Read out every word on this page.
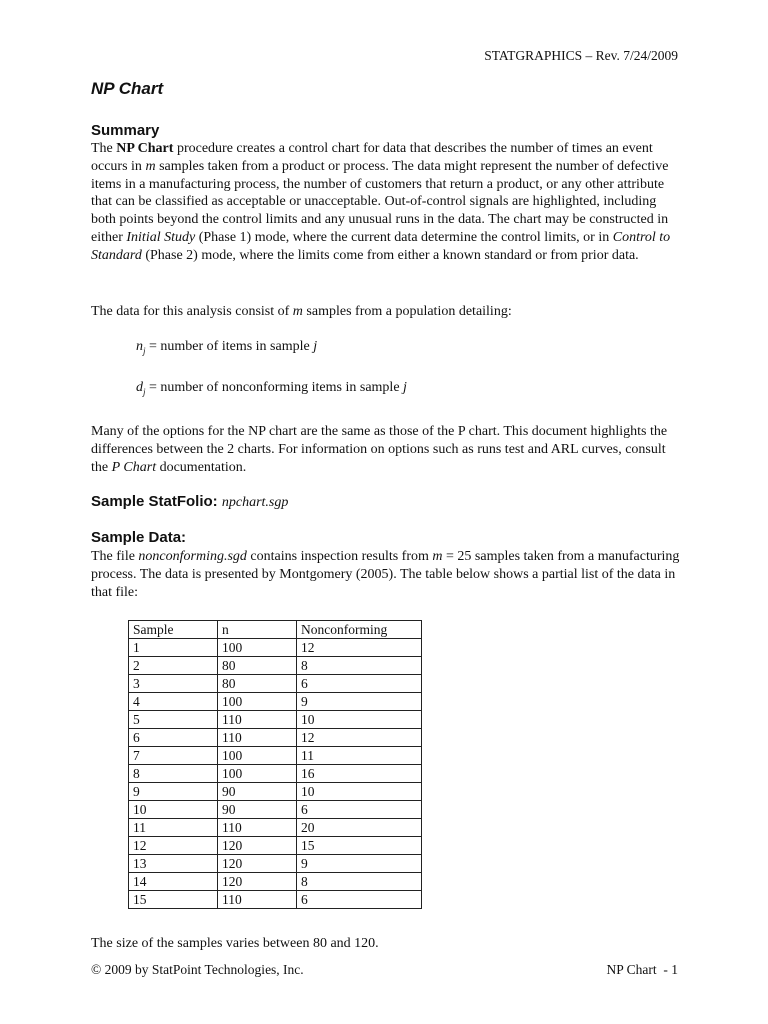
STATGRAPHICS – Rev. 7/24/2009
NP Chart
Summary
The NP Chart procedure creates a control chart for data that describes the number of times an event occurs in m samples taken from a product or process. The data might represent the number of defective items in a manufacturing process, the number of customers that return a product, or any other attribute that can be classified as acceptable or unacceptable. Out-of-control signals are highlighted, including both points beyond the control limits and any unusual runs in the data. The chart may be constructed in either Initial Study (Phase 1) mode, where the current data determine the control limits, or in Control to Standard (Phase 2) mode, where the limits come from either a known standard or from prior data.
The data for this analysis consist of m samples from a population detailing:
$n_j$ = number of items in sample j
$d_j$ = number of nonconforming items in sample j
Many of the options for the NP chart are the same as those of the P chart. This document highlights the differences between the 2 charts. For information on options such as runs test and ARL curves, consult the P Chart documentation.
Sample StatFolio: npchart.sgp
Sample Data:
The file nonconforming.sgd contains inspection results from m = 25 samples taken from a manufacturing process. The data is presented by Montgomery (2005). The table below shows a partial list of the data in that file:
Sample	n	Nonconforming
1	100	12
2	80	8
3	80	6
4	100	9
5	110	10
6	110	12
7	100	11
8	100	16
9	90	10
10	90	6
11	110	20
12	120	15
13	120	9
14	120	8
15	110	6
The size of the samples varies between 80 and 120.
© 2009 by StatPoint Technologies, Inc.	NP Chart  - 1
